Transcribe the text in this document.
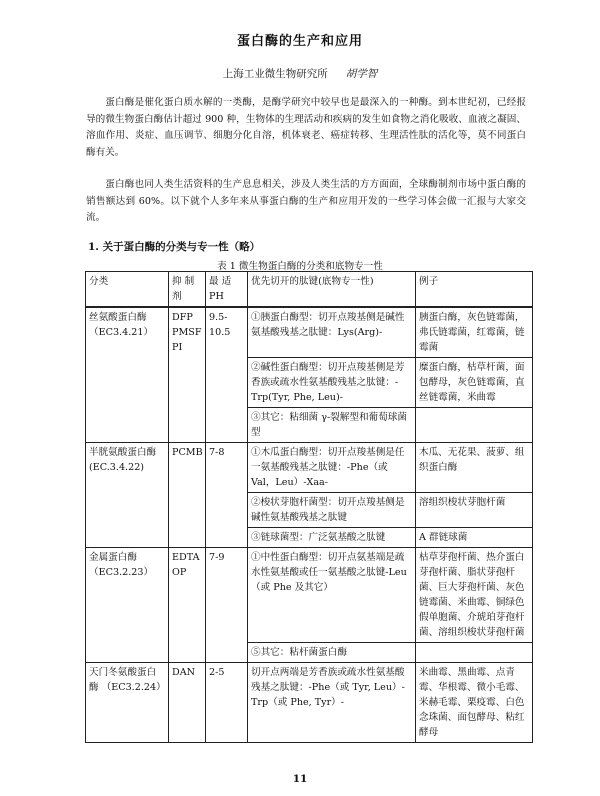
蛋白酶的生产和应用
上海工业微生物研究所 胡学智

蛋白酶是催化蛋白质水解的一类酶，是酶学研究中较早也是最深入的一种酶。到本世纪初，已经报导的微生物蛋白酶估计超过 900 种，生物体的生理活动和疾病的发生如食物之消化吸收、血液之凝固、溶血作用、炎症、血压调节、细胞分化自溶，机体衰老、癌症转移、生理活性肽的活化等，莫不同蛋白酶有关。

蛋白酶也同人类生活资料的生产息息相关，涉及人类生活的方方面面，全球酶制剂市场中蛋白酶的销售额达到 60%。以下就个人多年来从事蛋白酶的生产和应用开发的一些学习体会做一汇报与大家交流。

1. 关于蛋白酶的分类与专一性（略）
表 1 微生物蛋白酶的分类和底物专一性
分类	抑 制 剂	最 适 PH	优先切开的肽键(底物专一性)	例子
丝氨酸蛋白酶 （EC3.4.21）	DFP PMSF PI	9.5-10.5	①胰蛋白酶型：切开点羧基侧是碱性氨基酸残基之肽键：Lys(Arg)-	胰蛋白酶，灰色链霉菌，弗氏链霉菌，红霉菌，链霉菌
			②碱性蛋白酶型：切开点羧基侧是芳香族或疏水性氨基酸残基之肽键：-Trp(Tyr, Phe, Leu)-	糜蛋白酶，枯草杆菌，面包酵母，灰色链霉菌，直丝链霉菌，米曲霉
			③其它：粘细菌 γ-裂解型和葡萄球菌型	
半胱氨酸蛋白酶(EC.3.4.22)	PCMB	7-8	①木瓜蛋白酶型：切开点羧基侧是任一氨基酸残基之肽键：-Phe（或 Val，Leu）-Xaa-	木瓜、无花果、菠萝、组织蛋白酶
			②梭状芽胞杆菌型：切开点羧基侧是碱性氨基酸残基之肽键	溶组织梭状芽胞杆菌
			③链球菌型：广泛氨基酸之肽键	A 群链球菌
金属蛋白酶 （EC3.2.23）	EDTA OP	7-9	①中性蛋白酶型：切开点氨基端是疏水性氨基酸或任一氨基酸之肽键-Leu（或 Phe 及其它）	枯草芽孢杆菌、热介蛋白芽孢杆菌、脂状芽孢杆菌、巨大芽孢杆菌、灰色链霉菌、米曲霉、铜绿色假单胞菌、介琥珀芽孢杆菌、溶组织梭状芽孢杆菌
			⑤其它：粘杆菌蛋白酶	
天门冬氨酸蛋白酶 （EC3.2.24）	DAN	2-5	切开点两端是芳香族或疏水性氨基酸残基之肽键：-Phe（或 Tyr, Leu）-Trp（或 Phe, Tyr）-	米曲霉、黑曲霉、点青霉、华根霉、微小毛霉、米赫毛霉、栗疫霉、白色念珠菌、面包酵母、粘红酵母
11
